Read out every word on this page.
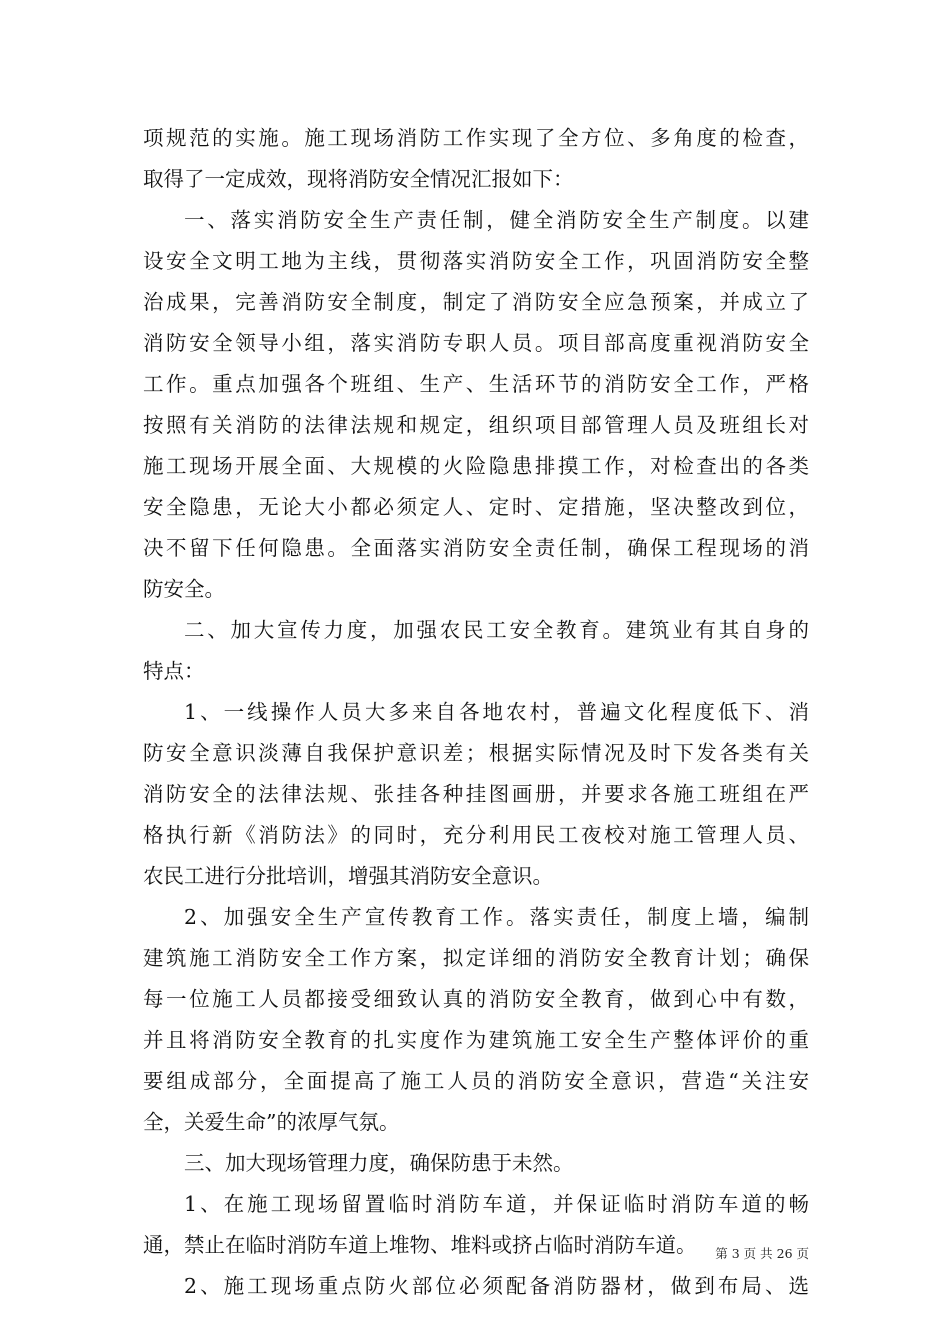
项规范的实施。施工现场消防工作实现了全方位、多角度的检查，
取得了一定成效，现将消防安全情况汇报如下：
一、落实消防安全生产责任制，健全消防安全生产制度。以建
设安全文明工地为主线，贯彻落实消防安全工作，巩固消防安全整
治成果，完善消防安全制度，制定了消防安全应急预案，并成立了
消防安全领导小组，落实消防专职人员。项目部高度重视消防安全
工作。重点加强各个班组、生产、生活环节的消防安全工作，严格
按照有关消防的法律法规和规定，组织项目部管理人员及班组长对
施工现场开展全面、大规模的火险隐患排摸工作，对检查出的各类
安全隐患，无论大小都必须定人、定时、定措施，坚决整改到位，
决不留下任何隐患。全面落实消防安全责任制，确保工程现场的消
防安全。
二、加大宣传力度，加强农民工安全教育。建筑业有其自身的
特点：
1、一线操作人员大多来自各地农村，普遍文化程度低下、消
防安全意识淡薄自我保护意识差；根据实际情况及时下发各类有关
消防安全的法律法规、张挂各种挂图画册，并要求各施工班组在严
格执行新《消防法》的同时，充分利用民工夜校对施工管理人员、
农民工进行分批培训，增强其消防安全意识。
2、加强安全生产宣传教育工作。落实责任，制度上墙，编制
建筑施工消防安全工作方案，拟定详细的消防安全教育计划；确保
每一位施工人员都接受细致认真的消防安全教育，做到心中有数，
并且将消防安全教育的扎实度作为建筑施工安全生产整体评价的重
要组成部分，全面提高了施工人员的消防安全意识，营造“关注安
全，关爱生命”的浓厚气氛。
三、加大现场管理力度，确保防患于未然。
1、在施工现场留置临时消防车道，并保证临时消防车道的畅
通，禁止在临时消防车道上堆物、堆料或挤占临时消防车道。
2、施工现场重点防火部位必须配备消防器材，做到布局、选
第 3 页 共 26 页
